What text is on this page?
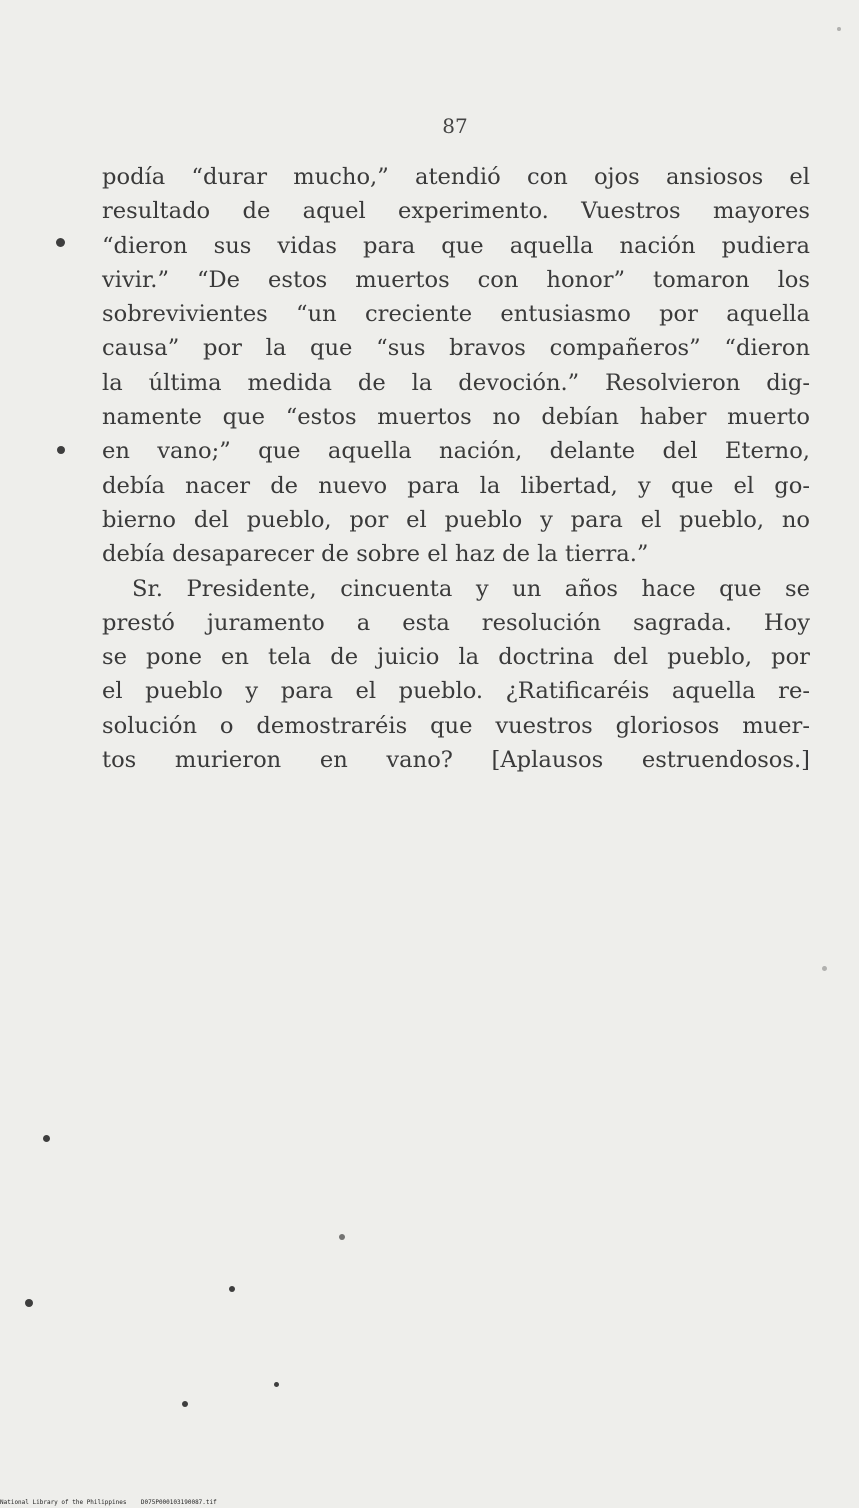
87
podía “durar mucho,” atendió con ojos ansiosos el
resultado de aquel experimento. Vuestros mayores
“dieron sus vidas para que aquella nación pudiera
vivir.” “De estos muertos con honor” tomaron los
sobrevivientes “un creciente entusiasmo por aquella
causa” por la que “sus bravos compañeros” “dieron
la última medida de la devoción.” Resolvieron dig-
namente que “estos muertos no debían haber muerto
en vano;” que aquella nación, delante del Eterno,
debía nacer de nuevo para la libertad, y que el go-
bierno del pueblo, por el pueblo y para el pueblo, no
debía desaparecer de sobre el haz de la tierra.”
Sr. Presidente, cincuenta y un años hace que se
prestó juramento a esta resolución sagrada. Hoy
se pone en tela de juicio la doctrina del pueblo, por
el pueblo y para el pueblo. ¿Ratificaréis aquella re-
solución o demostraréis que vuestros gloriosos muer-
tos murieron en vano? [Aplausos estruendosos.]
National Library of the Philippines    D075P000103190087.tif
